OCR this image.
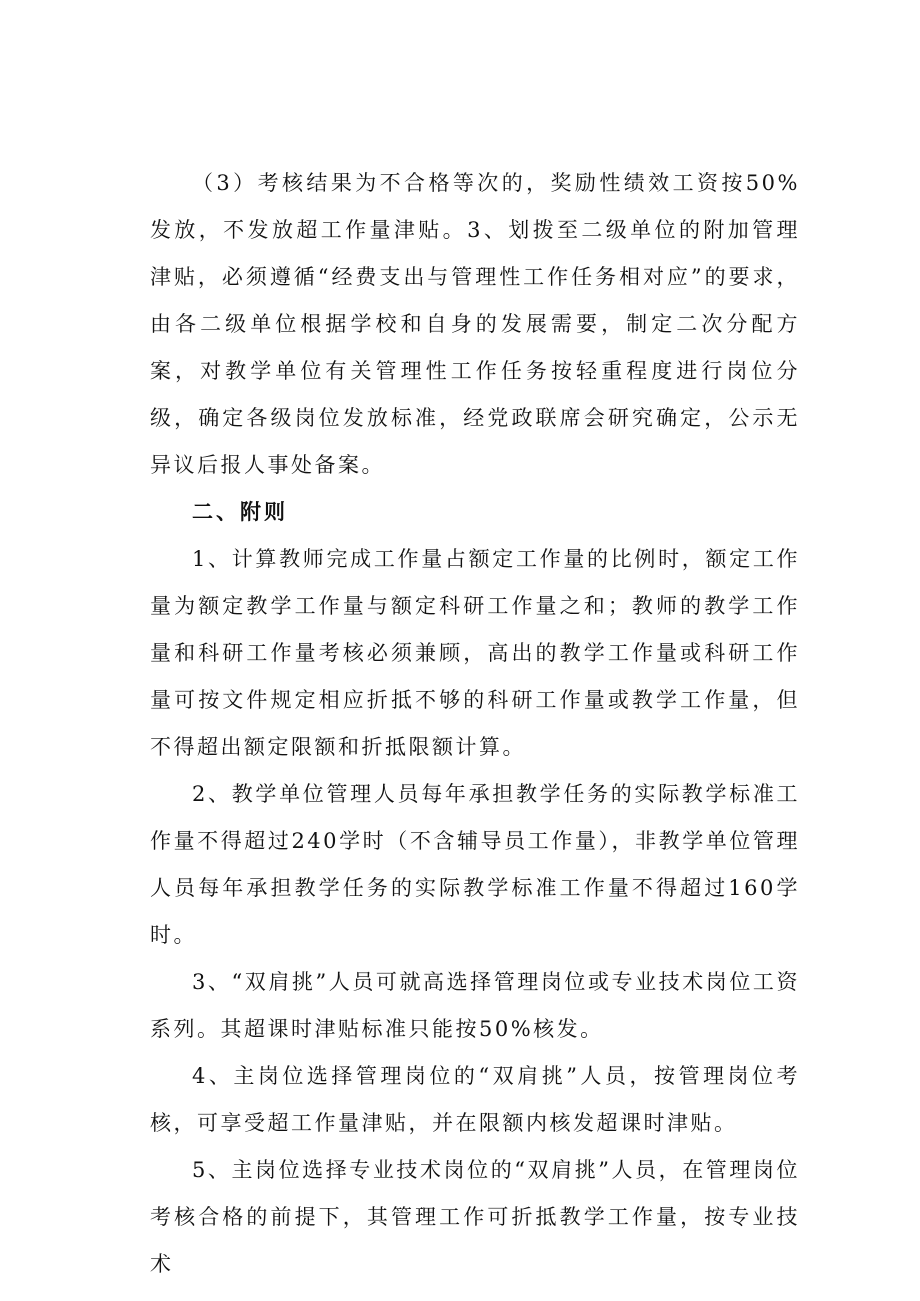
（3）考核结果为不合格等次的，奖励性绩效工资按50%发放，不发放超工作量津贴。3、划拨至二级单位的附加管理津贴，必须遵循“经费支出与管理性工作任务相对应”的要求，由各二级单位根据学校和自身的发展需要，制定二次分配方案，对教学单位有关管理性工作任务按轻重程度进行岗位分级，确定各级岗位发放标准，经党政联席会研究确定，公示无异议后报人事处备案。

二、附则

1、计算教师完成工作量占额定工作量的比例时，额定工作量为额定教学工作量与额定科研工作量之和；教师的教学工作量和科研工作量考核必须兼顾，高出的教学工作量或科研工作量可按文件规定相应折抵不够的科研工作量或教学工作量，但不得超出额定限额和折抵限额计算。

2、教学单位管理人员每年承担教学任务的实际教学标准工作量不得超过240学时（不含辅导员工作量），非教学单位管理人员每年承担教学任务的实际教学标准工作量不得超过160学时。

3、“双肩挑”人员可就高选择管理岗位或专业技术岗位工资系列。其超课时津贴标准只能按50%核发。

4、主岗位选择管理岗位的“双肩挑”人员，按管理岗位考核，可享受超工作量津贴，并在限额内核发超课时津贴。

5、主岗位选择专业技术岗位的“双肩挑”人员，在管理岗位考核合格的前提下，其管理工作可折抵教学工作量，按专业技术
